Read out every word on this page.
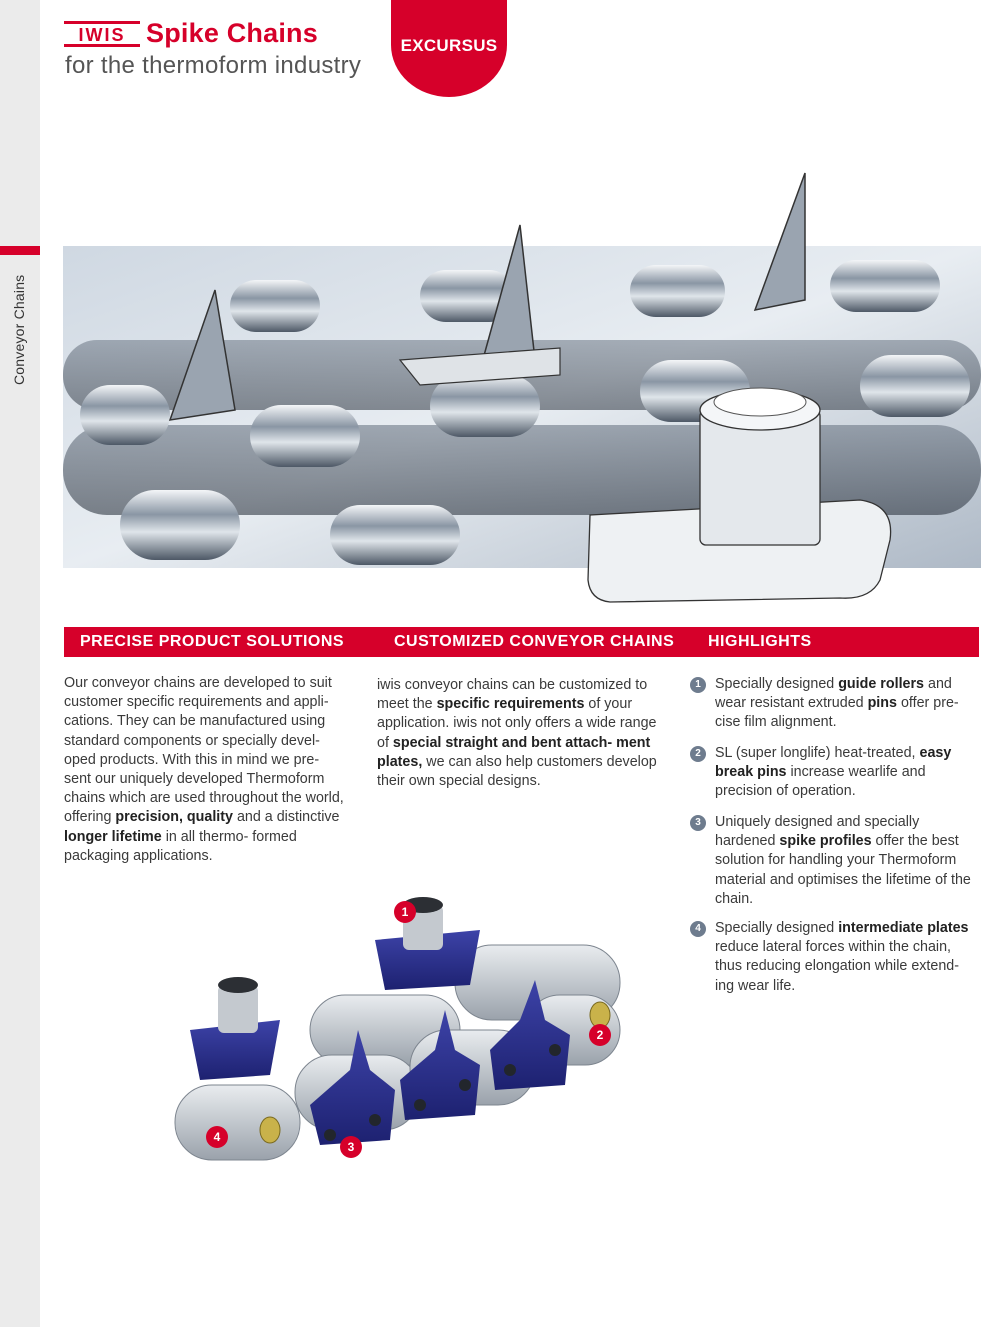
Conveyor Chains
IWIS Spike Chains
for the thermoform industry
EXCURSUS
PRECISE PRODUCT SOLUTIONS	CUSTOMIZED CONVEYOR CHAINS HIGHLIGHTS

Our conveyor chains are developed to suit customer specific requirements and appli- cations. They can be manufactured using standard components or specially devel- oped products. With this in mind we pre- sent our uniquely developed Thermoform chains which are used throughout the world, offering precision, quality and a distinctive longer lifetime in all thermo- formed packaging applications.

iwis conveyor chains can be customized to meet the specific requirements of your application. iwis not only offers a wide range of special straight and bent attach- ment plates, we can also help customers develop their own special designs.

1 Specially designed guide rollers and wear resistant extruded pins offer pre- cise film alignment.

2 SL (super longlife) heat-treated, easy break pins increase wearlife and precision of operation.

3 Uniquely designed and specially hardened spike profiles offer the best solution for handling your Thermoform material and optimises the lifetime of the chain.

4 Specially designed intermediate plates reduce lateral forces within the chain, thus reducing elongation while extend- ing wear life.

1
2
3
4
